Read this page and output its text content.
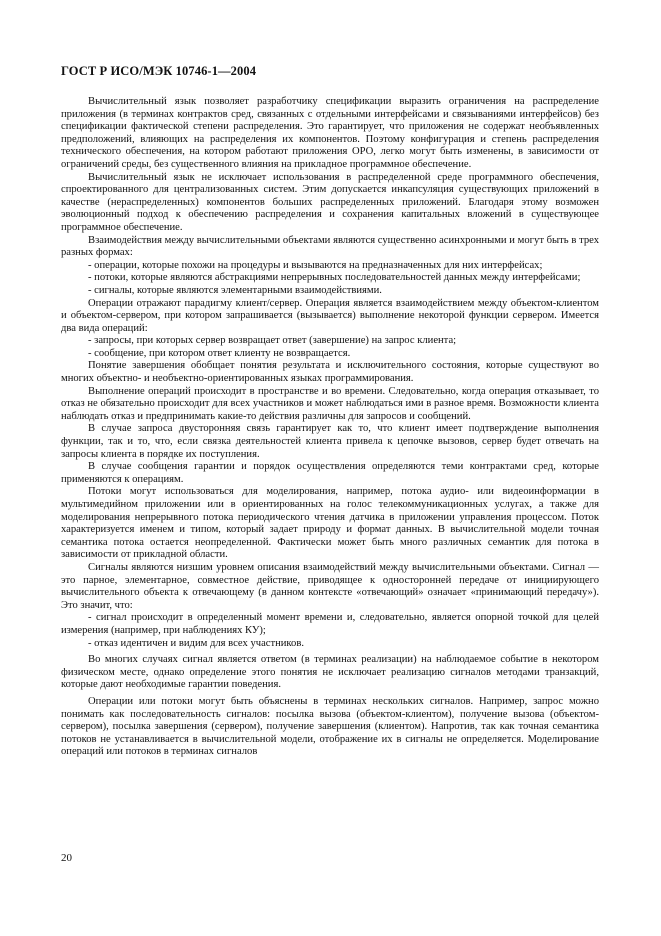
ГОСТ Р ИСО/МЭК 10746-1—2004

Вычислительный язык позволяет разработчику спецификации выразить ограничения на распределение приложения (в терминах контрактов сред, связанных с отдельными интерфейсами и связываниями интерфейсов) без спецификации фактической степени распределения. Это гарантирует, что приложения не содержат необъявленных предположений, влияющих на распределения их компонентов. Поэтому конфигурация и степень распределения технического обеспечения, на котором работают приложения ОРО, легко могут быть изменены, в зависимости от ограничений среды, без существенного влияния на прикладное программное обеспечение.

Вычислительный язык не исключает использования в распределенной среде программного обеспечения, спроектированного для централизованных систем. Этим допускается инкапсуляция существующих приложений в качестве (нераспределенных) компонентов больших распределенных приложений. Благодаря этому возможен эволюционный подход к обеспечению распределения и сохранения капитальных вложений в существующее программное обеспечение.

Взаимодействия между вычислительными объектами являются существенно асинхронными и могут быть в трех разных формах:

- операции, которые похожи на процедуры и вызываются на предназначенных для них интерфейсах;

- потоки, которые являются абстракциями непрерывных последовательностей данных между интерфейсами;

- сигналы, которые являются элементарными взаимодействиями.

Операции отражают парадигму клиент/сервер. Операция является взаимодействием между объектом-клиентом и объектом-сервером, при котором запрашивается (вызывается) выполнение некоторой функции сервером. Имеется два вида операций:

- запросы, при которых сервер возвращает ответ (завершение) на запрос клиента;

- сообщение, при котором ответ клиенту не возвращается.

Понятие завершения обобщает понятия результата и исключительного состояния, которые существуют во многих объектно- и необъектно-ориентированных языках программирования.

Выполнение операций происходит в пространстве и во времени. Следовательно, когда операция отказывает, то отказ не обязательно происходит для всех участников и может наблюдаться ими в разное время. Возможности клиента наблюдать отказ и предпринимать какие-то действия различны для запросов и сообщений.

В случае запроса двусторонняя связь гарантирует как то, что клиент имеет подтверждение выполнения функции, так и то, что, если связка деятельностей клиента привела к цепочке вызовов, сервер будет отвечать на запросы клиента в порядке их поступления.

В случае сообщения гарантии и порядок осуществления определяются теми контрактами сред, которые применяются к операциям.

Потоки могут использоваться для моделирования, например, потока аудио- или видеоинформации в мультимедийном приложении или в ориентированных на голос телекоммуникационных услугах, а также для моделирования непрерывного потока периодического чтения датчика в приложении управления процессом. Поток характеризуется именем и типом, который задает природу и формат данных. В вычислительной модели точная семантика потока остается неопределенной. Фактически может быть много различных семантик для потока в зависимости от прикладной области.

Сигналы являются низшим уровнем описания взаимодействий между вычислительными объектами. Сигнал — это парное, элементарное, совместное действие, приводящее к односторонней передаче от инициирующего вычислительного объекта к отвечающему (в данном контексте «отвечающий» означает «принимающий передачу»). Это значит, что:

- сигнал происходит в определенный момент времени и, следовательно, является опорной точкой для целей измерения (например, при наблюдениях КУ);

- отказ идентичен и видим для всех участников.

Во многих случаях сигнал является ответом (в терминах реализации) на наблюдаемое событие в некотором физическом месте, однако определение этого понятия не исключает реализацию сигналов методами транзакций, которые дают необходимые гарантии поведения.

Операции или потоки могут быть объяснены в терминах нескольких сигналов. Например, запрос можно понимать как последовательность сигналов: посылка вызова (объектом-клиентом), получение вызова (объектом-сервером), посылка завершения (сервером), получение завершения (клиентом). Напротив, так как точная семантика потоков не устанавливается в вычислительной модели, отображение их в сигналы не определяется. Моделирование операций или потоков в терминах сигналов

20
